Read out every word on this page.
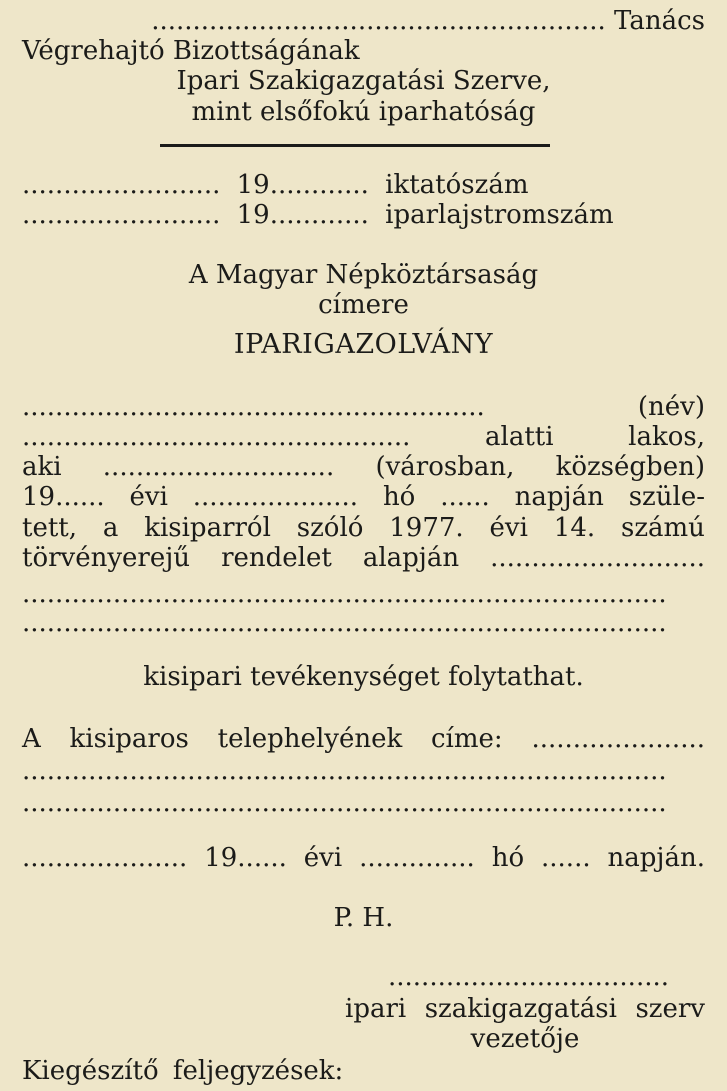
....................................................... Tanács
Végrehajtó Bizottságának
Ipari Szakigazgatási Szerve,
mint elsőfokú iparhatóság
........................ 19............ iktatószám
........................ 19............ iparlajstromszám
A Magyar Népköztársaság
címere
IPARIGAZOLVÁNY
........................................................	(név)
...............................................	alatti	lakos,
aki ............................ (városban, községben)
19...... évi .................... hó ...... napján szüle-
tett, a kisiparról szóló 1977. évi 14. számú
törvényerejű rendelet alapján ..........................
..............................................................................
..............................................................................
kisipari tevékenységet folytathat.
A kisiparos telephelyének címe: .....................
..............................................................................
..............................................................................
.................... 19...... évi .............. hó ...... napján.
P. H.
..................................
ipari szakigazgatási szerv
vezetője
Kiegészítő feljegyzések:
